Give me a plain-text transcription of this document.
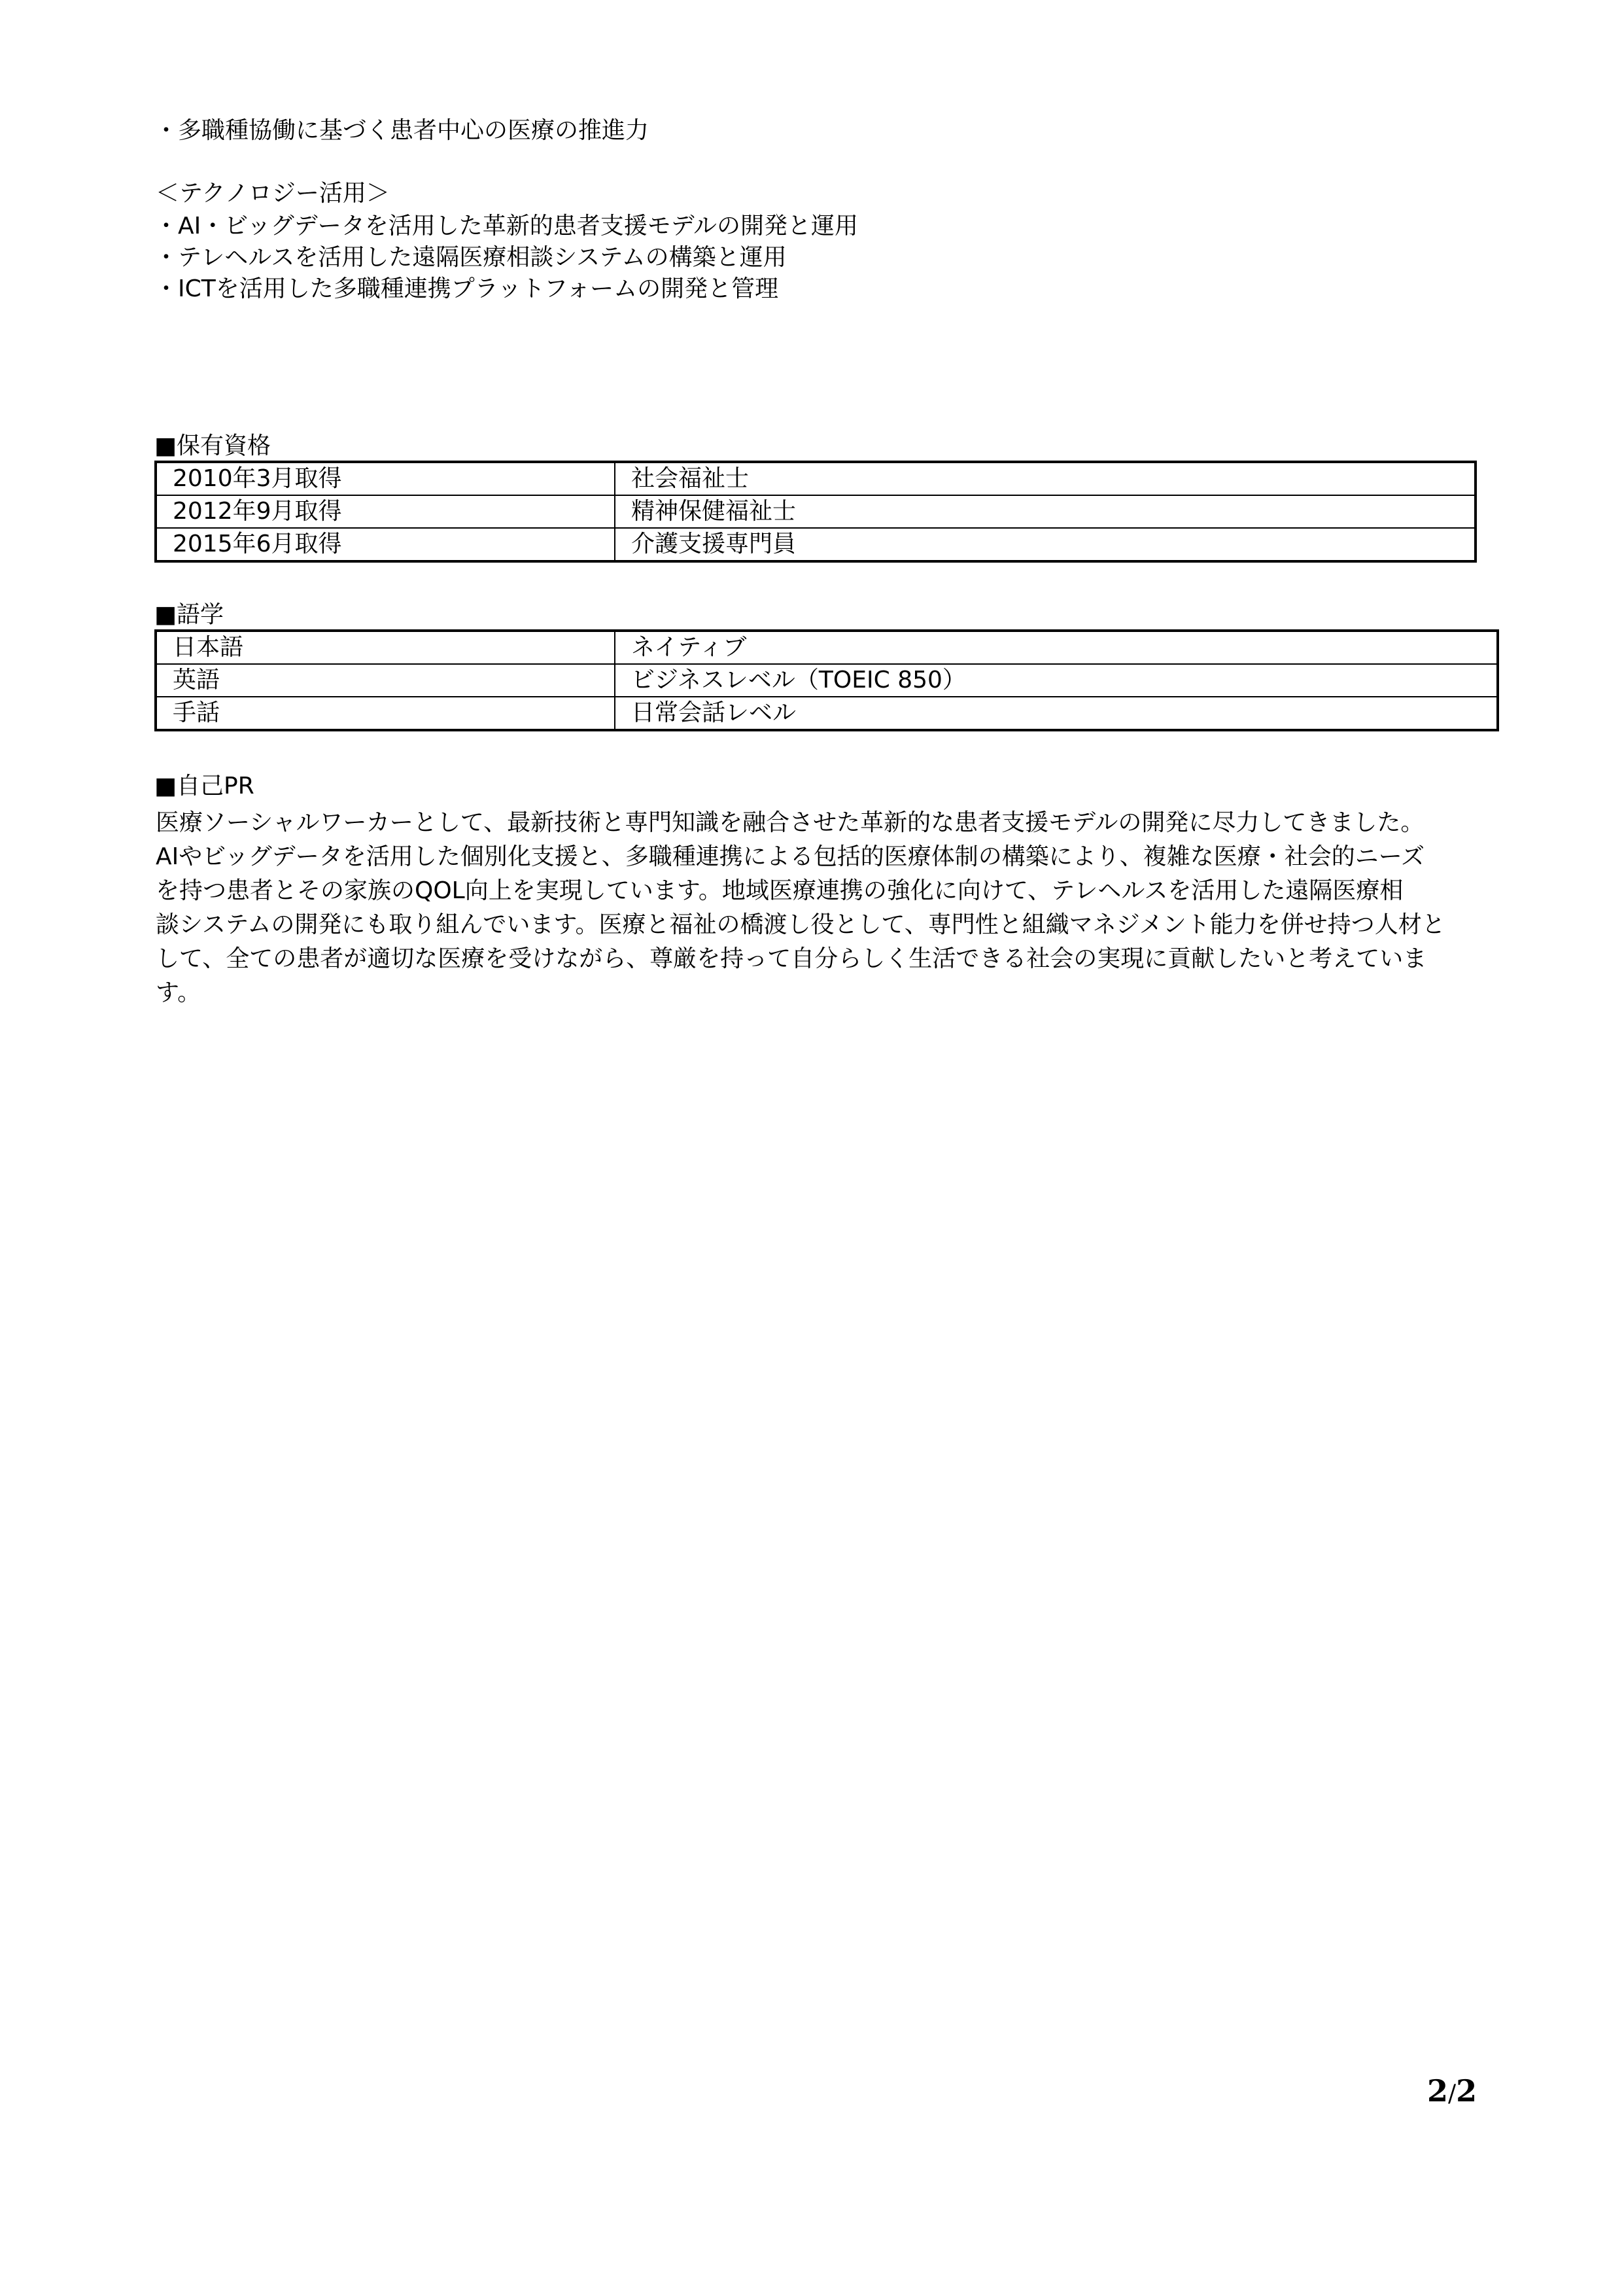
・多職種協働に基づく患者中心の医療の推進力
＜テクノロジー活用＞
・AI・ビッグデータを活用した革新的患者支援モデルの開発と運用
・テレヘルスを活用した遠隔医療相談システムの構築と運用
・ICTを活用した多職種連携プラットフォームの開発と管理
■保有資格
2010年3月取得	社会福祉士
2012年9月取得	精神保健福祉士
2015年6月取得	介護支援専門員
■語学
日本語	ネイティブ
英語	ビジネスレベル（TOEIC 850）
手話	日常会話レベル
■自己PR

医療ソーシャルワーカーとして、最新技術と専門知識を融合させた革新的な患者支援モデルの開発に尽力してきました。

AIやビッグデータを活用した個別化支援と、多職種連携による包括的医療体制の構築により、複雑な医療・社会的ニーズ

を持つ患者とその家族のQOL向上を実現しています。地域医療連携の強化に向けて、テレヘルスを活用した遠隔医療相

談システムの開発にも取り組んでいます。医療と福祉の橋渡し役として、専門性と組織マネジメント能力を併せ持つ人材と

して、全ての患者が適切な医療を受けながら、尊厳を持って自分らしく生活できる社会の実現に貢献したいと考えていま

す。

2/2
